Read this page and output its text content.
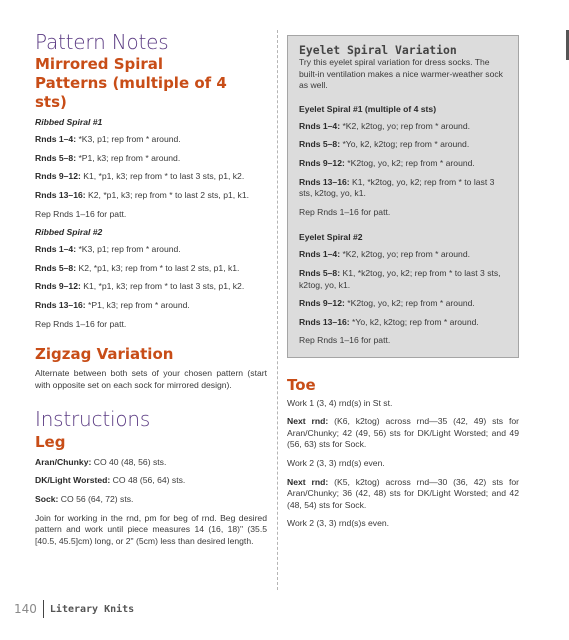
Pattern Notes
Mirrored Spiral Patterns (multiple of 4 sts)

Ribbed Spiral #1

Rnds 1–4: *K3, p1; rep from * around.

Rnds 5–8: *P1, k3; rep from * around.

Rnds 9–12: K1, *p1, k3; rep from * to last 3 sts, p1, k2.

Rnds 13–16: K2, *p1, k3; rep from * to last 2 sts, p1, k1.

Rep Rnds 1–16 for patt.

Ribbed Spiral #2

Rnds 1–4: *K3, p1; rep from * around.

Rnds 5–8: K2, *p1, k3; rep from * to last 2 sts, p1, k1.

Rnds 9–12: K1, *p1, k3; rep from * to last 3 sts, p1, k2.

Rnds 13–16: *P1, k3; rep from * around.

Rep Rnds 1–16 for patt.

Zigzag Variation

Alternate between both sets of your chosen pattern (start with opposite set on each sock for mirrored design).

Instructions
Leg

Aran/Chunky: CO 40 (48, 56) sts.

DK/Light Worsted: CO 48 (56, 64) sts.

Sock: CO 56 (64, 72) sts.

Join for working in the rnd, pm for beg of rnd. Beg desired pattern and work until piece measures 14 (16, 18)" (35.5 [40.5, 45.5]cm) long, or 2" (5cm) less than desired length.

Eyelet Spiral Variation

Try this eyelet spiral variation for dress socks. The built-in ventilation makes a nice warmer-weather sock as well.

Eyelet Spiral #1 (multiple of 4 sts)

Rnds 1–4: *K2, k2tog, yo; rep from * around.

Rnds 5–8: *Yo, k2, k2tog; rep from * around.

Rnds 9–12: *K2tog, yo, k2; rep from * around.

Rnds 13–16: K1, *k2tog, yo, k2; rep from * to last 3 sts, k2tog, yo, k1.

Rep Rnds 1–16 for patt.

Eyelet Spiral #2

Rnds 1–4: *K2, k2tog, yo; rep from * around.

Rnds 5–8: K1, *k2tog, yo, k2; rep from * to last 3 sts, k2tog, yo, k1.

Rnds 9–12: *K2tog, yo, k2; rep from * around.

Rnds 13–16: *Yo, k2, k2tog; rep from * around.

Rep Rnds 1–16 for patt.

Toe

Work 1 (3, 4) rnd(s) in St st.

Next rnd: (K6, k2tog) across rnd—35 (42, 49) sts for Aran/Chunky; 42 (49, 56) sts for DK/Light Worsted; and 49 (56, 63) sts for Sock.

Work 2 (3, 3) rnd(s) even.

Next rnd: (K5, k2tog) across rnd—30 (36, 42) sts for Aran/Chunky; 36 (42, 48) sts for DK/Light Worsted; and 42 (48, 54) sts for Sock.

Work 2 (3, 3) rnd(s)s even.

140 Literary Knits
